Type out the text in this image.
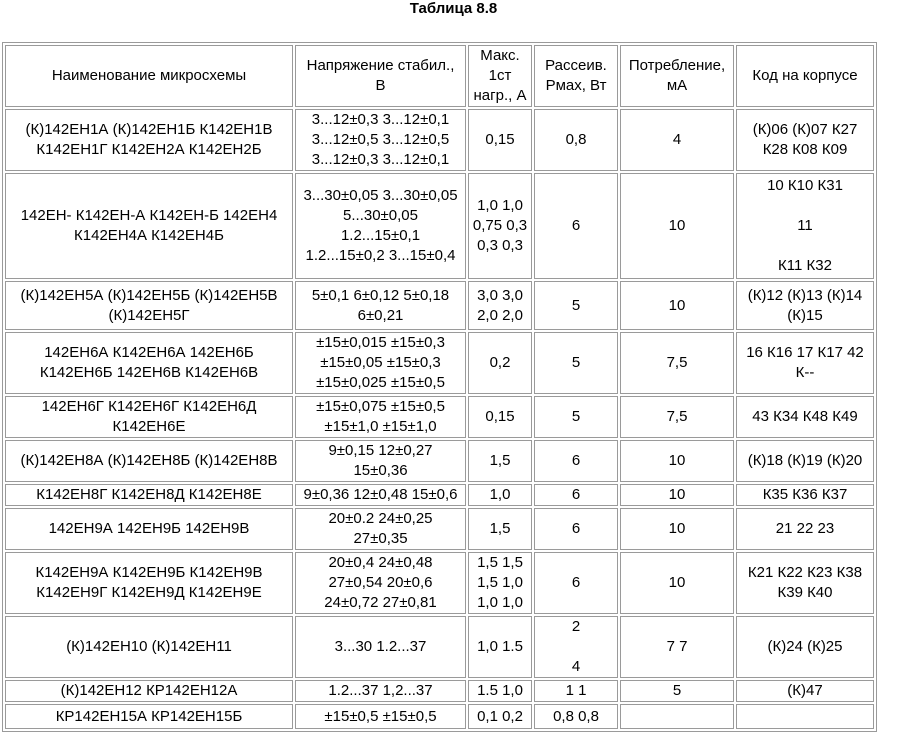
Таблица 8.8
Наименование микросхемы	Напряжение стабил.,
В	Макс.
1ст
нагр., А	Рассеив.
Pмах, Вт	Потребление,
мА	Код на корпусе

(К)142ЕН1А (К)142ЕН1Б К142ЕН1В
К142ЕН1Г К142ЕН2А К142ЕН2Б	3...12±0,3 3...12±0,1
3...12±0,5 3...12±0,5
3...12±0,3 3...12±0,1	0,15	0,8	4	(К)06 (К)07 К27
К28 К08 К09

142ЕН- К142ЕН-А К142ЕН-Б 142ЕН4
К142ЕН4А К142ЕН4Б	3...30±0,05 3...30±0,05
5...30±0,05
1.2...15±0,1
1.2...15±0,2 3...15±0,4	1,0 1,0
0,75 0,3
0,3 0,3	6	10	10 К10 К31
11
К11 К32

(К)142ЕН5А (К)142ЕН5Б (К)142ЕН5В
(К)142ЕН5Г	5±0,1 6±0,12 5±0,18
6±0,21	3,0 3,0
2,0 2,0	5	10	(К)12 (К)13 (К)14
(К)15

142ЕН6А К142ЕН6А 142ЕН6Б
К142ЕН6Б 142ЕН6В К142ЕН6В	±15±0,015 ±15±0,3
±15±0,05 ±15±0,3
±15±0,025 ±15±0,5	0,2	5	7,5	16 К16 17 К17 42
К--

142ЕН6Г К142ЕН6Г К142ЕН6Д
К142ЕН6Е	±15±0,075 ±15±0,5
±15±1,0 ±15±1,0	0,15	5	7,5	43 К34 К48 К49

(К)142ЕН8А (К)142ЕН8Б (К)142ЕН8В	9±0,15 12±0,27
15±0,36	1,5	6	10	(К)18 (К)19 (К)20

К142ЕН8Г К142ЕН8Д К142ЕН8Е	9±0,36 12±0,48 15±0,6	1,0	6	10	К35 К36 К37

142ЕН9А 142ЕН9Б 142ЕН9В	20±0.2 24±0,25
27±0,35	1,5	6	10	21 22 23

К142ЕН9А К142ЕН9Б К142ЕН9В
К142ЕН9Г К142ЕН9Д К142ЕН9Е	20±0,4 24±0,48
27±0,54 20±0,6
24±0,72 27±0,81	1,5 1,5
1,5 1,0
1,0 1,0	6	10	К21 К22 К23 К38
К39 К40

(К)142ЕН10 (К)142ЕН11	3...30 1.2...37	1,0 1.5	2
4	7 7	(К)24 (К)25

(К)142ЕН12 КР142ЕН12А	1.2...37 1,2...37	1.5 1,0	1 1	5	(К)47

КР142ЕН15А КР142ЕН15Б	±15±0,5 ±15±0,5	0,1 0,2	0,8 0,8		
